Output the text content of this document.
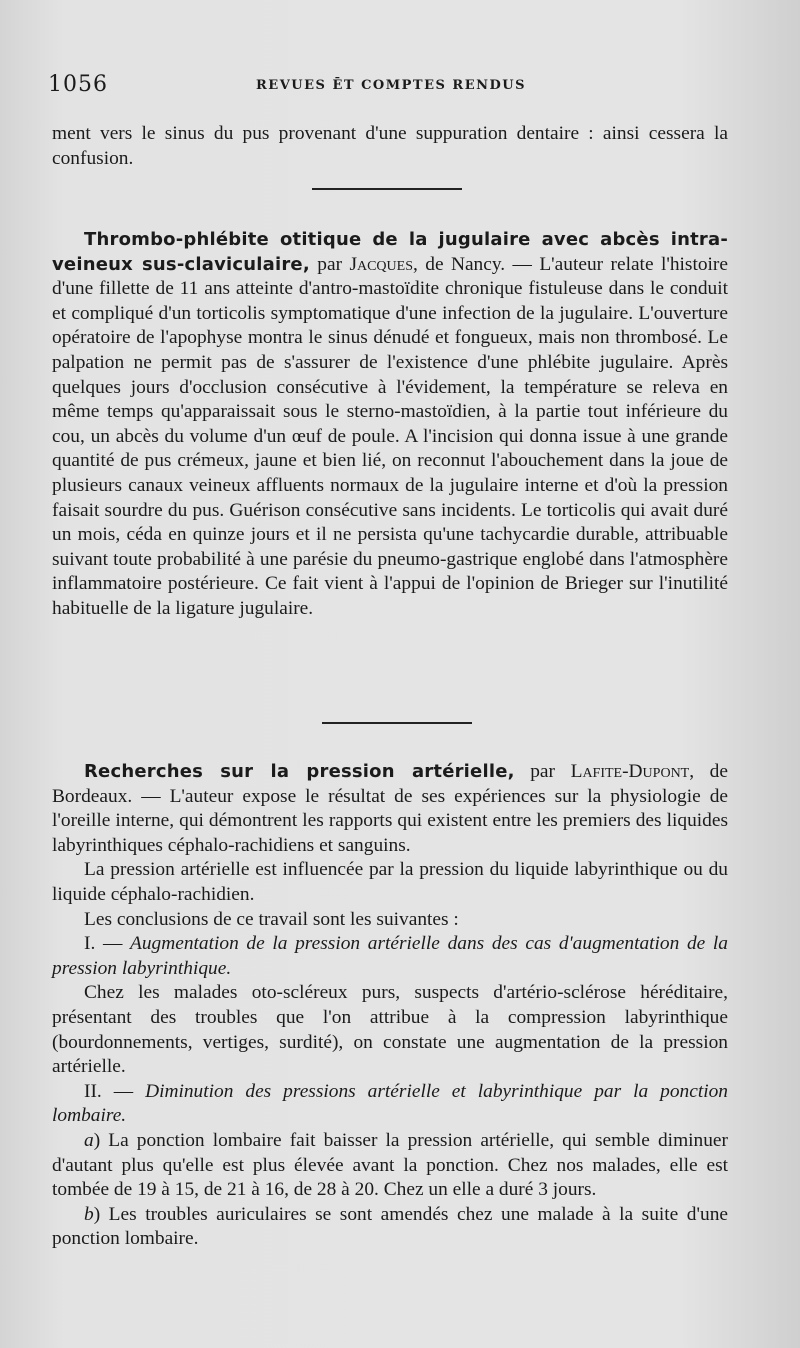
1056	REVUES ĒT COMPTES RENDUS

ment vers le sinus du pus provenant d'une suppuration dentaire : ainsi cessera la confusion.

Thrombo-phlébite otitique de la jugulaire avec abcès intra-veineux sus-claviculaire, par Jacques, de Nancy. — L'auteur relate l'histoire d'une fillette de 11 ans atteinte d'antro-mastoïdite chronique fistuleuse dans le conduit et compliqué d'un torticolis symptomatique d'une infection de la jugulaire. L'ouverture opératoire de l'apophyse montra le sinus dénudé et fongueux, mais non thrombosé. Le palpation ne permit pas de s'assurer de l'existence d'une phlébite jugulaire. Après quelques jours d'occlusion consécutive à l'évidement, la température se releva en même temps qu'apparaissait sous le sterno-mastoïdien, à la partie tout inférieure du cou, un abcès du volume d'un œuf de poule. A l'incision qui donna issue à une grande quantité de pus crémeux, jaune et bien lié, on reconnut l'abouchement dans la joue de plusieurs canaux veineux affluents normaux de la jugulaire interne et d'où la pression faisait sourdre du pus. Guérison consécutive sans incidents. Le torticolis qui avait duré un mois, céda en quinze jours et il ne persista qu'une tachycardie durable, attribuable suivant toute probabilité à une parésie du pneumo-gastrique englobé dans l'atmosphère inflammatoire postérieure. Ce fait vient à l'appui de l'opinion de Brieger sur l'inutilité habituelle de la ligature jugulaire.

Recherches sur la pression artérielle, par Lafite-Dupont, de Bordeaux. — L'auteur expose le résultat de ses expériences sur la physiologie de l'oreille interne, qui démontrent les rapports qui existent entre les premiers des liquides labyrinthiques céphalo-rachidiens et sanguins.

La pression artérielle est influencée par la pression du liquide labyrinthique ou du liquide céphalo-rachidien.

Les conclusions de ce travail sont les suivantes :

I. — Augmentation de la pression artérielle dans des cas d'augmentation de la pression labyrinthique.

Chez les malades oto-scléreux purs, suspects d'artério-sclérose héréditaire, présentant des troubles que l'on attribue à la compression labyrinthique (bourdonnements, vertiges, surdité), on constate une augmentation de la pression artérielle.

II. — Diminution des pressions artérielle et labyrinthique par la ponction lombaire.

a) La ponction lombaire fait baisser la pression artérielle, qui semble diminuer d'autant plus qu'elle est plus élevée avant la ponction. Chez nos malades, elle est tombée de 19 à 15, de 21 à 16, de 28 à 20. Chez un elle a duré 3 jours.

b) Les troubles auriculaires se sont amendés chez une malade à la suite d'une ponction lombaire.
